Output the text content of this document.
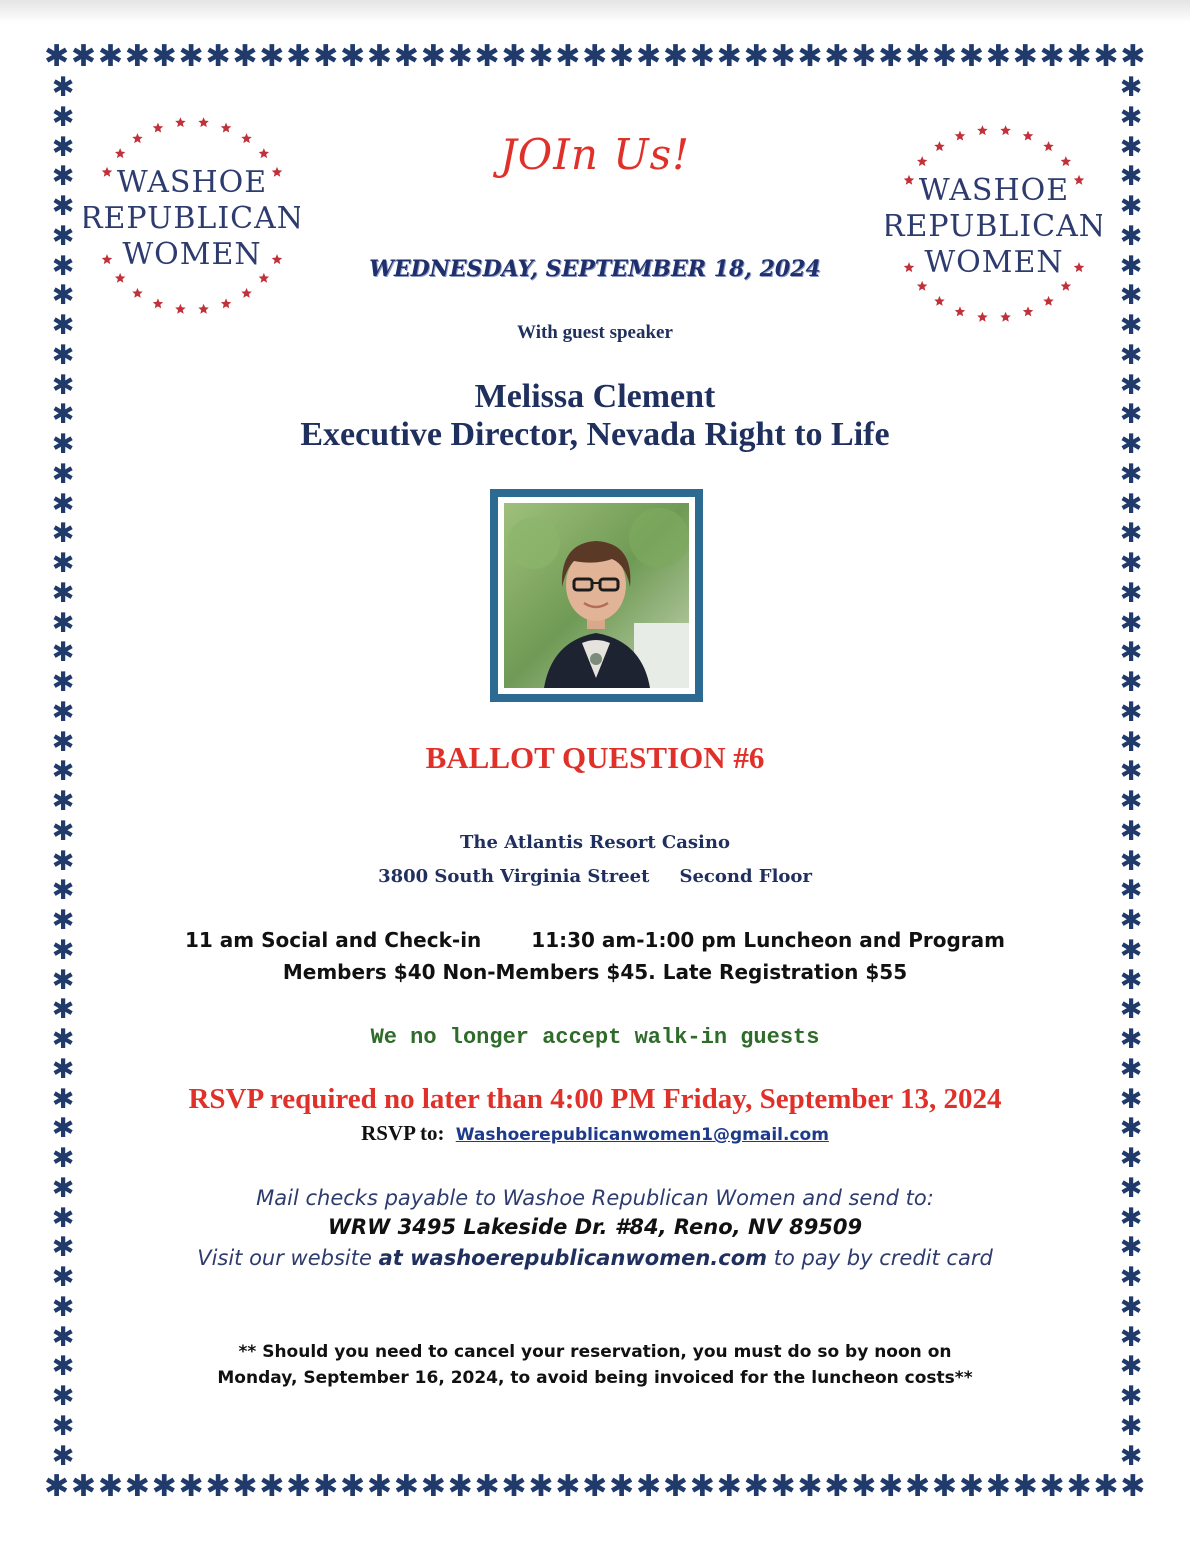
✱ ✱ ✱ ✱ ✱ ✱ ✱ ✱ ✱ ✱ ✱ ✱ ✱ ✱ ✱ ✱ ✱ ✱ ✱ ✱ ✱ ✱ ✱ ✱ ✱ ✱ ✱ ✱ ✱ ✱ ✱ ✱ ✱ ✱ ✱ ✱ ✱ ✱ ✱ ✱ ✱
✱ ✱ ✱ ✱ ✱ ✱ ✱ ✱ ✱ ✱ ✱ ✱ ✱ ✱ ✱ ✱ ✱ ✱ ✱ ✱ ✱ ✱ ✱ ✱ ✱ ✱ ✱ ✱ ✱ ✱ ✱ ✱ ✱ ✱ ✱ ✱ ✱ ✱ ✱ ✱ ✱
✱
✱
✱
✱
✱
✱
✱
✱
✱
✱
✱
✱
✱
✱
✱
✱
✱
✱
✱
✱
✱
✱
✱
✱
✱
✱
✱
✱
✱
✱
✱
✱
✱
✱
✱
✱
✱
✱
✱
✱
✱
✱
✱
✱
✱
✱
✱
✱
✱
✱
✱
✱
✱
✱
✱
✱
✱
✱
✱
✱
✱
✱
✱
✱
✱
✱
✱
✱
✱
✱
✱
✱
✱
✱
✱
✱
✱
✱
✱
✱
✱
✱
✱
✱
✱
✱
✱
✱
✱
✱
✱
✱
✱
✱
WASHOE
REPUBLICAN
WOMEN
WASHOE
REPUBLICAN
WOMEN
JOIn Us!
WEDNESDAY, SEPTEMBER 18, 2024
With guest speaker
Melissa Clement
Executive Director, Nevada Right to Life
BALLOT QUESTION #6
The Atlantis Resort Casino
3800 South Virginia Street Second Floor
11 am Social and Check-in	11:30 am-1:00 pm Luncheon and Program
Members $40 Non-Members $45. Late Registration $55
We no longer accept walk-in guests
RSVP required no later than 4:00 PM Friday, September 13, 2024
RSVP to: Washoerepublicanwomen1@gmail.com
Mail checks payable to Washoe Republican Women and send to:
WRW 3495 Lakeside Dr. #84, Reno, NV 89509
Visit our website at washoerepublicanwomen.com to pay by credit card
** Should you need to cancel your reservation, you must do so by noon on
Monday, September 16, 2024, to avoid being invoiced for the luncheon costs**
